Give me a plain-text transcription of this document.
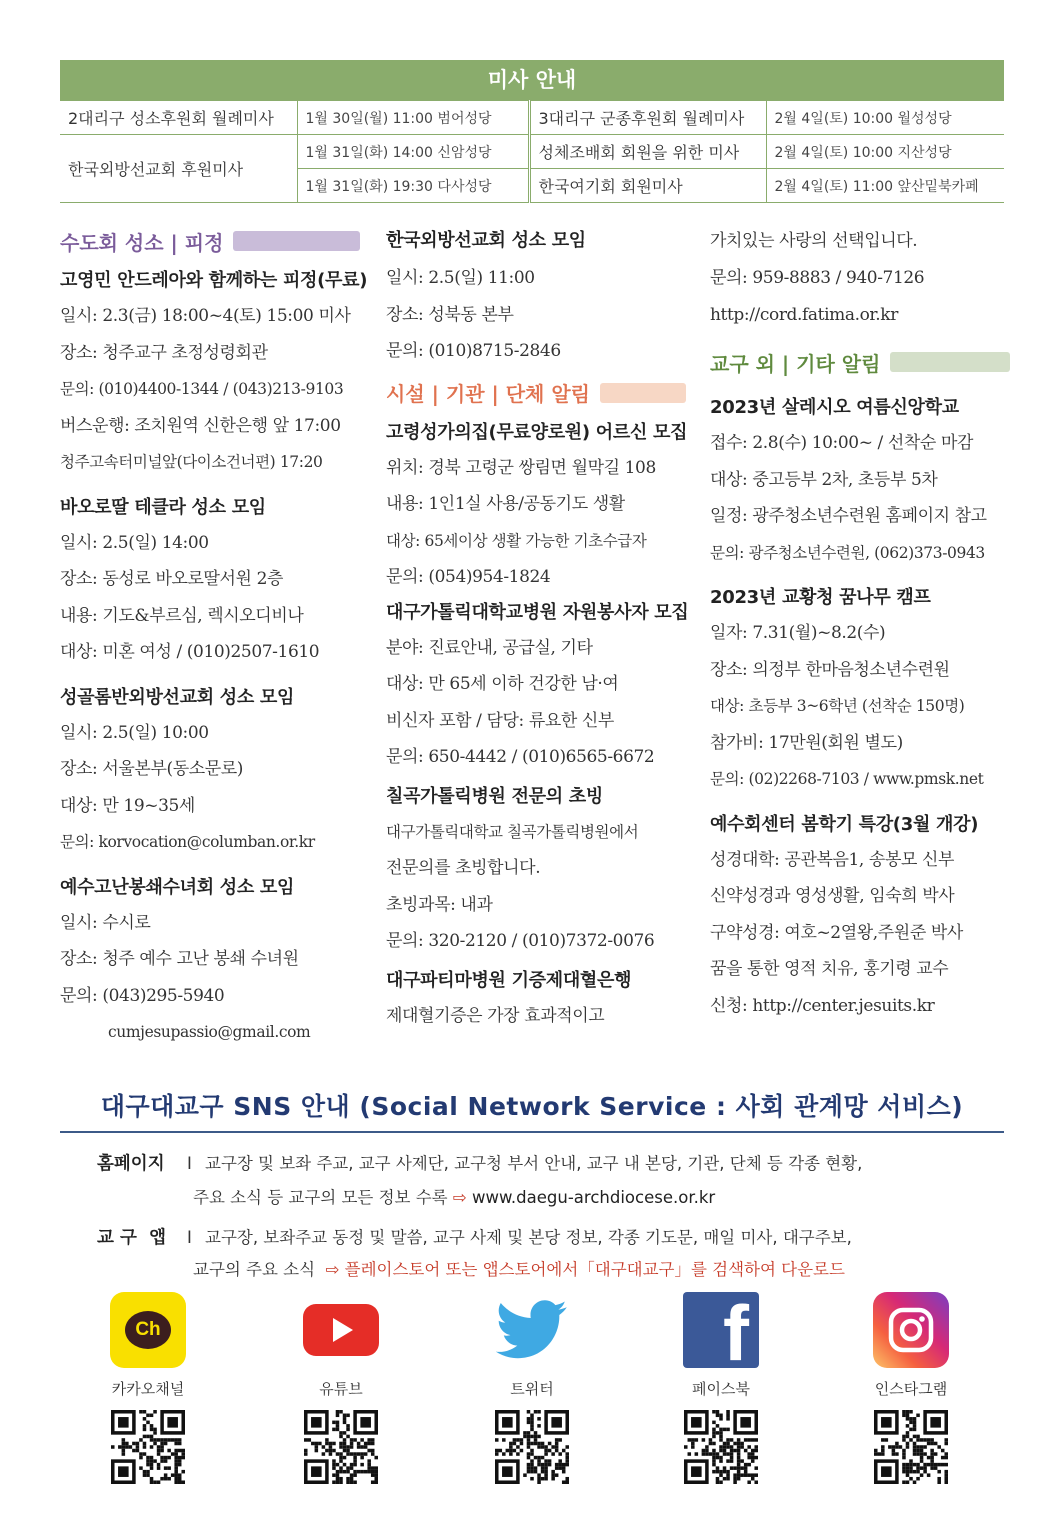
미사 안내
2대리구 성소후원회 월례미사	1월 30일(월) 11:00 범어성당	3대리구 군종후원회 월례미사	2월 4일(토) 10:00 월성성당
한국외방선교회 후원미사	1월 31일(화) 14:00 신암성당	성체조배회 회원을 위한 미사	2월 4일(토) 10:00 지산성당
	1월 31일(화) 19:30 다사성당	한국여기회 회원미사	2월 4일(토) 11:00 앞산밑북카페
수도회 성소 | 피정
고영민 안드레아와 함께하는 피정(무료)
일시: 2.3(금) 18:00~4(토) 15:00 미사
장소: 청주교구 초정성령회관
문의: (010)4400-1344 / (043)213-9103
버스운행: 조치원역 신한은행 앞 17:00
청주고속터미널앞(다이소건너편) 17:20
바오로딸 테클라 성소 모임
일시: 2.5(일) 14:00
장소: 동성로 바오로딸서원 2층
내용: 기도&부르심, 렉시오디비나
대상: 미혼 여성 / (010)2507-1610
성골롬반외방선교회 성소 모임
일시: 2.5(일) 10:00
장소: 서울본부(동소문로)
대상: 만 19~35세
문의: korvocation@columban.or.kr
예수고난봉쇄수녀회 성소 모임
일시: 수시로
장소: 청주 예수 고난 봉쇄 수녀원
문의: (043)295-5940
cumjesupassio@gmail.com
한국외방선교회 성소 모임
일시: 2.5(일) 11:00
장소: 성북동 본부
문의: (010)8715-2846
시설 | 기관 | 단체 알림
고령성가의집(무료양로원) 어르신 모집
위치: 경북 고령군 쌍림면 월막길 108
내용: 1인1실 사용/공동기도 생활
대상: 65세이상 생활 가능한 기초수급자
문의: (054)954-1824
대구가톨릭대학교병원 자원봉사자 모집
분야: 진료안내, 공급실, 기타
대상: 만 65세 이하 건강한 남·여
비신자 포함 / 담당: 류요한 신부
문의: 650-4442 / (010)6565-6672
칠곡가톨릭병원 전문의 초빙
대구가톨릭대학교 칠곡가톨릭병원에서
전문의를 초빙합니다.
초빙과목: 내과
문의: 320-2120 / (010)7372-0076
대구파티마병원 기증제대혈은행
제대혈기증은 가장 효과적이고
가치있는 사랑의 선택입니다.
문의: 959-8883 / 940-7126
http://cord.fatima.or.kr
교구 외 | 기타 알림
2023년 살레시오 여름신앙학교
접수: 2.8(수) 10:00~ / 선착순 마감
대상: 중고등부 2차, 초등부 5차
일정: 광주청소년수련원 홈페이지 참고
문의: 광주청소년수련원, (062)373-0943
2023년 교황청 꿈나무 캠프
일자: 7.31(월)~8.2(수)
장소: 의정부 한마음청소년수련원
대상: 초등부 3~6학년 (선착순 150명)
참가비: 17만원(회원 별도)
문의: (02)2268-7103 / www.pmsk.net
예수회센터 봄학기 특강(3월 개강)
성경대학: 공관복음1, 송봉모 신부
신약성경과 영성생활, 임숙희 박사
구약성경: 여호~2열왕,주원준 박사
꿈을 통한 영적 치유, 홍기령 교수
신청: http://center.jesuits.kr
대구대교구 SNS 안내 (Social Network Service : 사회 관계망 서비스)
홈페이지 I 교구장 및 보좌 주교, 교구 사제단, 교구청 부서 안내, 교구 내 본당, 기관, 단체 등 각종 현황,
주요 소식 등 교구의 모든 정보 수록 ⇨ www.daegu-archdiocese.or.kr
교 구  앱 I 교구장, 보좌주교 동정 및 말씀, 교구 사제 및 본당 정보, 각종 기도문, 매일 미사, 대구주보,
교구의 주요 소식 ⇨ 플레이스토어 또는 앱스토어에서「대구대교구」를 검색하여 다운로드
Ch
카카오채널	유튜브	트위터
f
페이스북	인스타그램
